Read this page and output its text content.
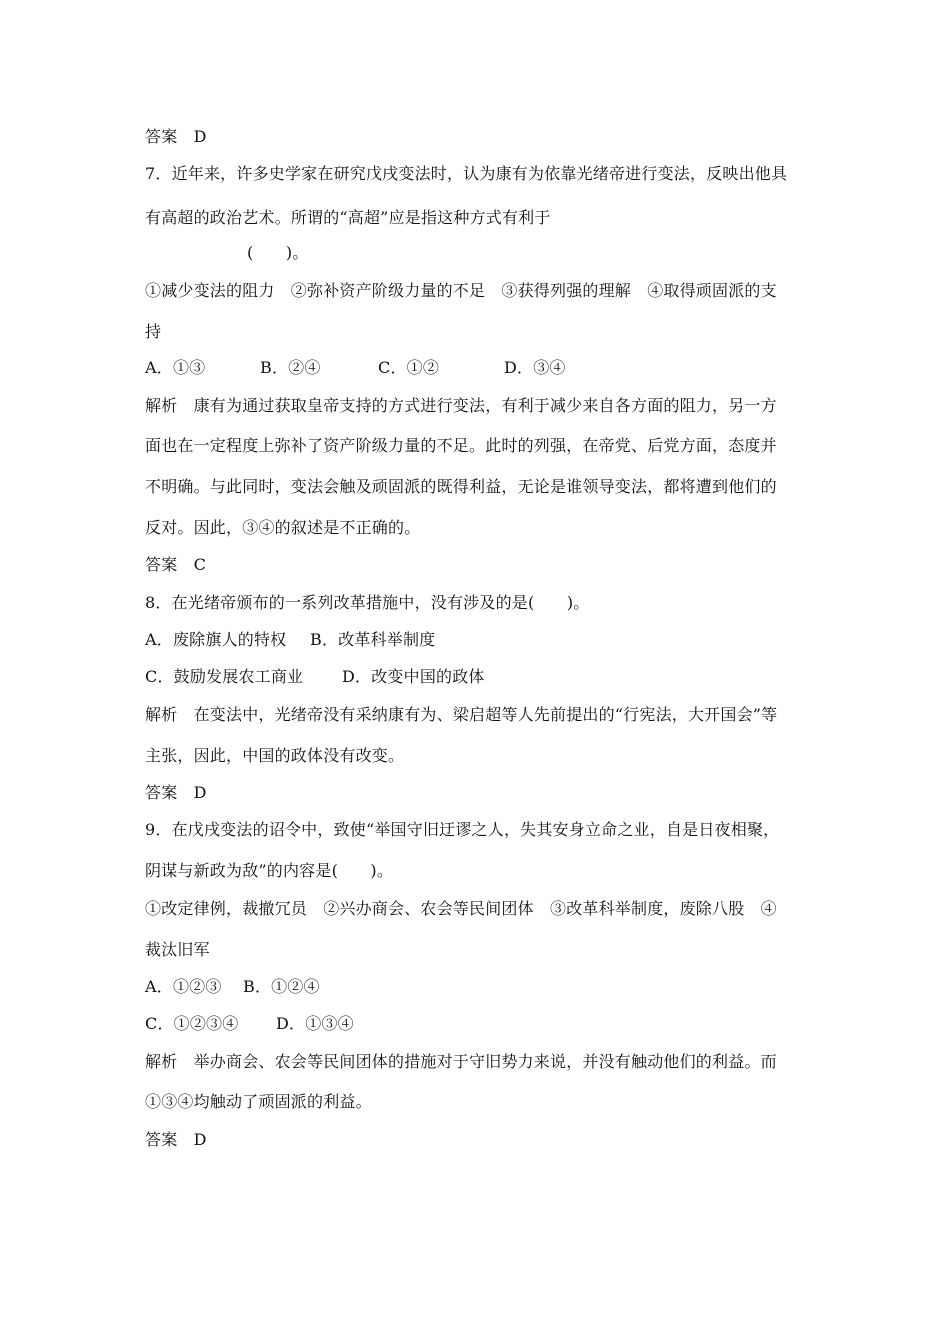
答案　D
7．近年来，许多史学家在研究戊戌变法时，认为康有为依靠光绪帝进行变法，反映出他具
有高超的政治艺术。所谓的“高超”应是指这种方式有利于
(　　)。
①减少变法的阻力　②弥补资产阶级力量的不足　③获得列强的理解　④取得顽固派的支
持
A．①③	B．②④	C．①②	D．③④
解析　康有为通过获取皇帝支持的方式进行变法，有利于减少来自各方面的阻力，另一方
面也在一定程度上弥补了资产阶级力量的不足。此时的列强，在帝党、后党方面，态度并
不明确。与此同时，变法会触及顽固派的既得利益，无论是谁领导变法，都将遭到他们的
反对。因此，③④的叙述是不正确的。
答案　C
8．在光绪帝颁布的一系列改革措施中，没有涉及的是(　　)。
A．废除旗人的特权 B．改革科举制度
C．鼓励发展农工商业 D．改变中国的政体
解析　在变法中，光绪帝没有采纳康有为、梁启超等人先前提出的“行宪法，大开国会”等
主张，因此，中国的政体没有改变。
答案　D
9．在戊戌变法的诏令中，致使“举国守旧迂谬之人，失其安身立命之业，自是日夜相聚，
阴谋与新政为敌”的内容是(　　)。
①改定律例，裁撤冗员　②兴办商会、农会等民间团体　③改革科举制度，废除八股　④
裁汰旧军
A．①②③ B．①②④
C．①②③④ D．①③④
解析　举办商会、农会等民间团体的措施对于守旧势力来说，并没有触动他们的利益。而
①③④均触动了顽固派的利益。
答案　D
